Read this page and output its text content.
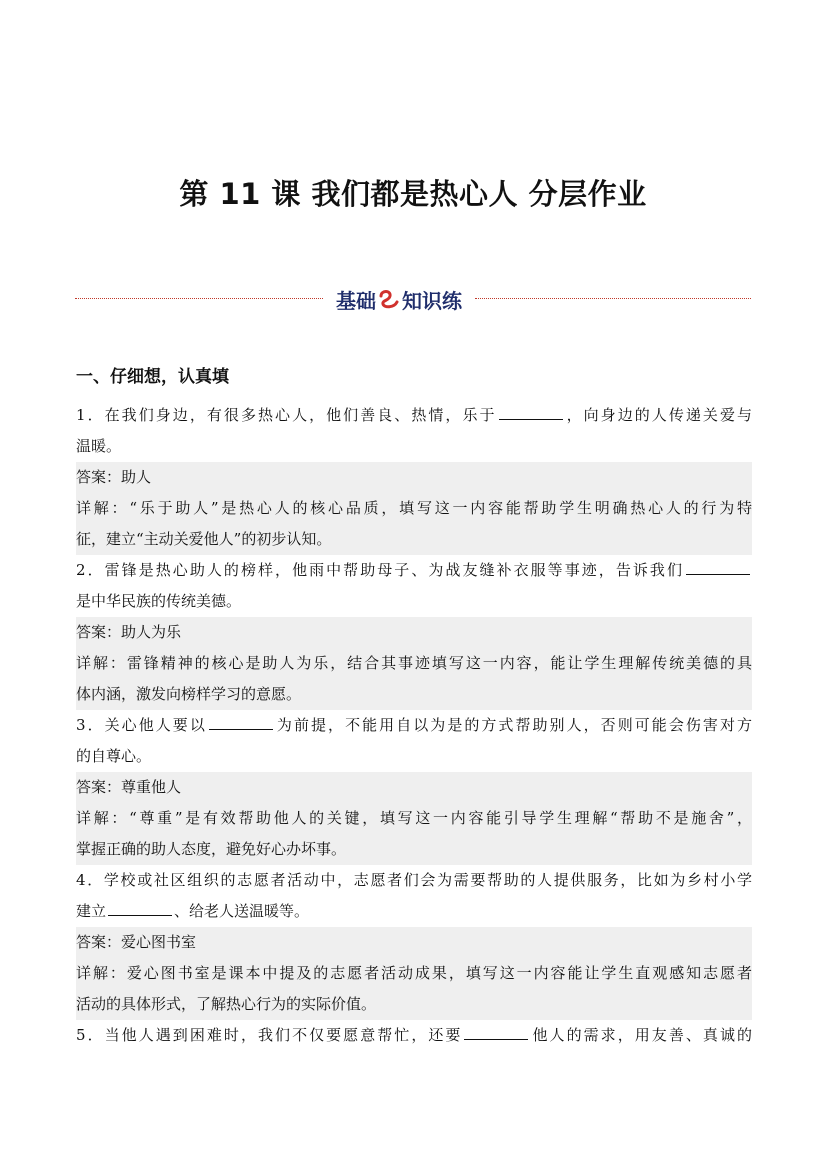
第 11 课 我们都是热心人 分层作业
基础 知识练
一、仔细想，认真填
1．在我们身边，有很多热心人，他们善良、热情，乐于	，向身边的人传递关爱与
温暖。
答案：助人
详解：“乐于助人”是热心人的核心品质，填写这一内容能帮助学生明确热心人的行为特
征，建立“主动关爱他人”的初步认知。
2．雷锋是热心助人的榜样，他雨中帮助母子、为战友缝补衣服等事迹，告诉我们
是中华民族的传统美德。
答案：助人为乐
详解：雷锋精神的核心是助人为乐，结合其事迹填写这一内容，能让学生理解传统美德的具
体内涵，激发向榜样学习的意愿。
3．关心他人要以	为前提，不能用自以为是的方式帮助别人，否则可能会伤害对方
的自尊心。
答案：尊重他人
详解：“尊重”是有效帮助他人的关键，填写这一内容能引导学生理解“帮助不是施舍”，
掌握正确的助人态度，避免好心办坏事。
4．学校或社区组织的志愿者活动中，志愿者们会为需要帮助的人提供服务，比如为乡村小学
建立	、给老人送温暖等。
答案：爱心图书室
详解：爱心图书室是课本中提及的志愿者活动成果，填写这一内容能让学生直观感知志愿者
活动的具体形式，了解热心行为的实际价值。
5．当他人遇到困难时，我们不仅要愿意帮忙，还要	他人的需求，用友善、真诚的
